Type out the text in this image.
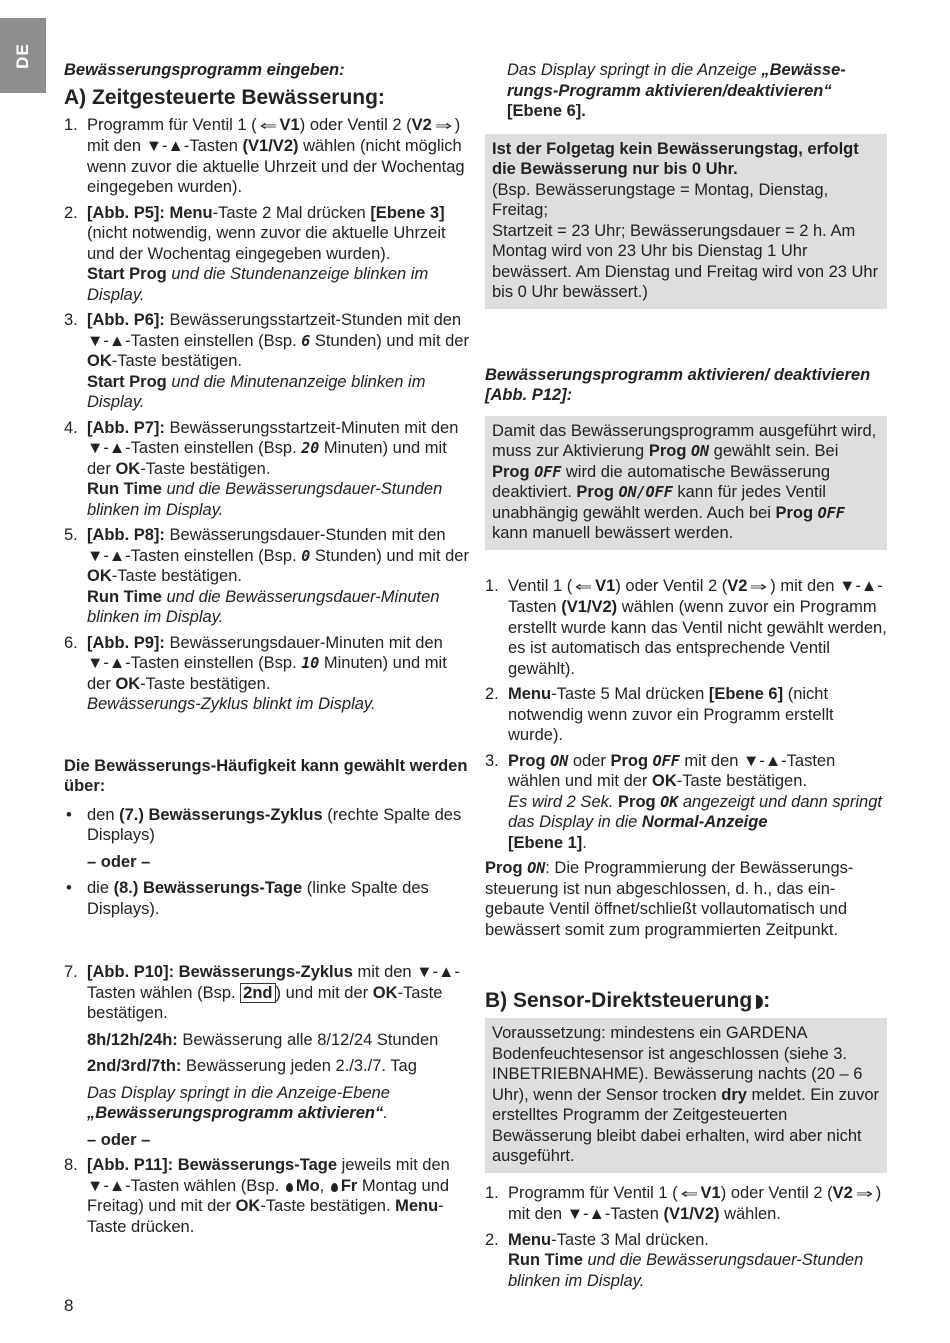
DE

Bewässerungsprogramm eingeben:

A) Zeitgesteuerte Bewässerung:
1. Programm für Ventil 1 ( ⇐ V1) oder Ventil 2 (V2 ⇒ ) mit den ▼-▲-Tasten (V1/V2) wählen (nicht möglich wenn zuvor die aktuelle Uhrzeit und der Wochentag eingegeben wurden).
2. [Abb. P5]: Menu-Taste 2 Mal drücken [Ebene 3] (nicht notwendig, wenn zuvor die aktuelle Uhrzeit und der Wochentag eingegeben wurden).
Start Prog und die Stundenanzeige blinken im Display.
3. [Abb. P6]: Bewässerungsstartzeit-Stunden mit den ▼-▲-Tasten einstellen (Bsp. 6 Stunden) und mit der OK-Taste bestätigen.
Start Prog und die Minutenanzeige blinken im Display.
4. [Abb. P7]: Bewässerungsstartzeit-Minuten mit den ▼-▲-Tasten einstellen (Bsp. 20 Minuten) und mit der OK-Taste bestätigen.
Run Time und die Bewässerungsdauer-Stunden blinken im Display.
5. [Abb. P8]: Bewässerungsdauer-Stunden mit den ▼-▲-Tasten einstellen (Bsp. 0 Stunden) und mit der OK-Taste bestätigen.
Run Time und die Bewässerungsdauer-Minuten blinken im Display.
6. [Abb. P9]: Bewässerungsdauer-Minuten mit den ▼-▲-Tasten einstellen (Bsp. 10 Minuten) und mit der OK-Taste bestätigen.
Bewässerungs-Zyklus blinkt im Display.

Die Bewässerungs-Häufigkeit kann gewählt werden über:

• den (7.) Bewässerungs-Zyklus (rechte Spalte des Displays)
– oder –
• die (8.) Bewässerungs-Tage (linke Spalte des Displays).
7. [Abb. P10]: Bewässerungs-Zyklus mit den ▼-▲-Tasten wählen (Bsp. 2nd ) und mit der OK-Taste bestätigen.
8h/12h/24h: Bewässerung alle 8/12/24 Stunden
2nd/3rd/7th: Bewässerung jeden 2./3./7. Tag
Das Display springt in die Anzeige-Ebene „Bewässerungsprogramm aktivieren“.
– oder –
8. [Abb. P11]: Bewässerungs-Tage jeweils mit den ▼-▲-Tasten wählen (Bsp. Mo, Fr Montag und Freitag) und mit der OK-Taste bestätigen. Menu-Taste drücken.

Das Display springt in die Anzeige „Bewässerungs-Programm aktivieren/deaktivieren“
[Ebene 6].

Ist der Folgetag kein Bewässerungstag, erfolgt die Bewässerung nur bis 0 Uhr.
(Bsp. Bewässerungstage = Montag, Dienstag, Freitag;
Startzeit = 23 Uhr; Bewässerungsdauer = 2 h. Am Montag wird von 23 Uhr bis Dienstag 1 Uhr bewässert. Am Dienstag und Freitag wird von 23 Uhr bis 0 Uhr bewässert.)

Bewässerungsprogramm aktivieren/ deaktivieren [Abb. P12]:

Damit das Bewässerungsprogramm ausgeführt wird, muss zur Aktivierung Prog ON gewählt sein. Bei Prog OFF wird die automatische Bewässerung deaktiviert. Prog ON/OFF kann für jedes Ventil unabhängig gewählt werden. Auch bei Prog OFF kann manuell bewässert werden.
1. Ventil 1 ( ⇐ V1) oder Ventil 2 (V2 ⇒ ) mit den ▼-▲-Tasten (V1/V2) wählen (wenn zuvor ein Programm erstellt wurde kann das Ventil nicht gewählt werden, es ist automatisch das entsprechende Ventil gewählt).
2. Menu-Taste 5 Mal drücken [Ebene 6] (nicht notwendig wenn zuvor ein Programm erstellt wurde).
3. Prog ON oder Prog OFF mit den ▼-▲-Tasten wählen und mit der OK-Taste bestätigen.
Es wird 2 Sek. Prog OK angezeigt und dann springt das Display in die Normal-Anzeige
[Ebene 1].

Prog ON: Die Programmierung der Bewässerungssteuerung ist nun abgeschlossen, d. h., das eingebaute Ventil öffnet/schließt vollautomatisch und bewässert somit zum programmierten Zeitpunkt.

B) Sensor-Direktsteuerung :
Voraussetzung: mindestens ein GARDENA Bodenfeuchtesensor ist angeschlossen (siehe 3. INBETRIEBNAHME). Bewässerung nachts (20 – 6 Uhr), wenn der Sensor trocken dry meldet. Ein zuvor erstelltes Programm der Zeitgesteuerten Bewässerung bleibt dabei erhalten, wird aber nicht ausgeführt.
1. Programm für Ventil 1 ( ⇐ V1) oder Ventil 2 (V2 ⇒ ) mit den ▼-▲-Tasten (V1/V2) wählen.
2. Menu-Taste 3 Mal drücken.
Run Time und die Bewässerungsdauer-Stunden blinken im Display.
8
